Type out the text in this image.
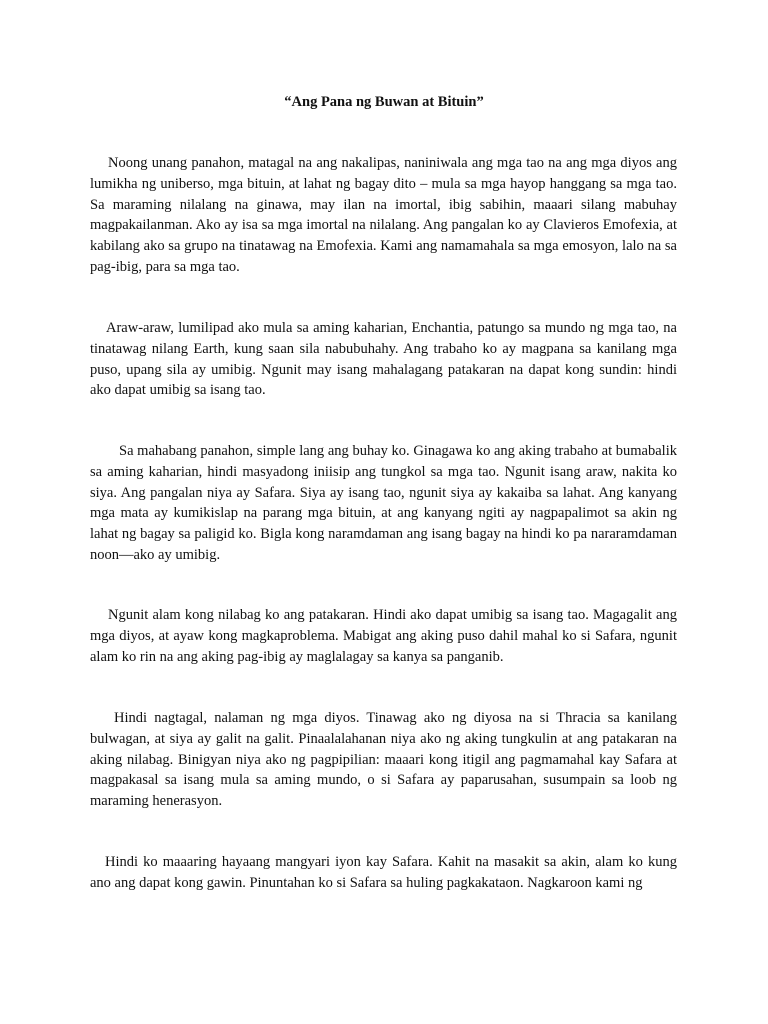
“Ang Pana ng Buwan at Bituin”

Noong unang panahon, matagal na ang nakalipas, naniniwala ang mga tao na ang mga diyos ang lumikha ng uniberso, mga bituin, at lahat ng bagay dito – mula sa mga hayop hanggang sa mga tao. Sa maraming nilalang na ginawa, may ilan na imortal, ibig sabihin, maaari silang mabuhay magpakailanman. Ako ay isa sa mga imortal na nilalang. Ang pangalan ko ay Clavieros Emofexia, at kabilang ako sa grupo na tinatawag na Emofexia. Kami ang namamahala sa mga emosyon, lalo na sa pag-ibig, para sa mga tao.

Araw-araw, lumilipad ako mula sa aming kaharian, Enchantia, patungo sa mundo ng mga tao, na tinatawag nilang Earth, kung saan sila nabubuhahy. Ang trabaho ko ay magpana sa kanilang mga puso, upang sila ay umibig. Ngunit may isang mahalagang patakaran na dapat kong sundin: hindi ako dapat umibig sa isang tao.

Sa mahabang panahon, simple lang ang buhay ko. Ginagawa ko ang aking trabaho at bumabalik sa aming kaharian, hindi masyadong iniisip ang tungkol sa mga tao. Ngunit isang araw, nakita ko siya. Ang pangalan niya ay Safara. Siya ay isang tao, ngunit siya ay kakaiba sa lahat. Ang kanyang mga mata ay kumikislap na parang mga bituin, at ang kanyang ngiti ay nagpapalimot sa akin ng lahat ng bagay sa paligid ko. Bigla kong naramdaman ang isang bagay na hindi ko pa nararamdaman noon—ako ay umibig.

Ngunit alam kong nilabag ko ang patakaran. Hindi ako dapat umibig sa isang tao. Magagalit ang mga diyos, at ayaw kong magkaproblema. Mabigat ang aking puso dahil mahal ko si Safara, ngunit alam ko rin na ang aking pag-ibig ay maglalagay sa kanya sa panganib.

Hindi nagtagal, nalaman ng mga diyos. Tinawag ako ng diyosa na si Thracia sa kanilang bulwagan, at siya ay galit na galit. Pinaalalahanan niya ako ng aking tungkulin at ang patakaran na aking nilabag. Binigyan niya ako ng pagpipilian: maaari kong itigil ang pagmamahal kay Safara at magpakasal sa isang mula sa aming mundo, o si Safara ay paparusahan, susumpain sa loob ng maraming henerasyon.

Hindi ko maaaring hayaang mangyari iyon kay Safara. Kahit na masakit sa akin, alam ko kung ano ang dapat kong gawin. Pinuntahan ko si Safara sa huling pagkakataon. Nagkaroon kami ng
